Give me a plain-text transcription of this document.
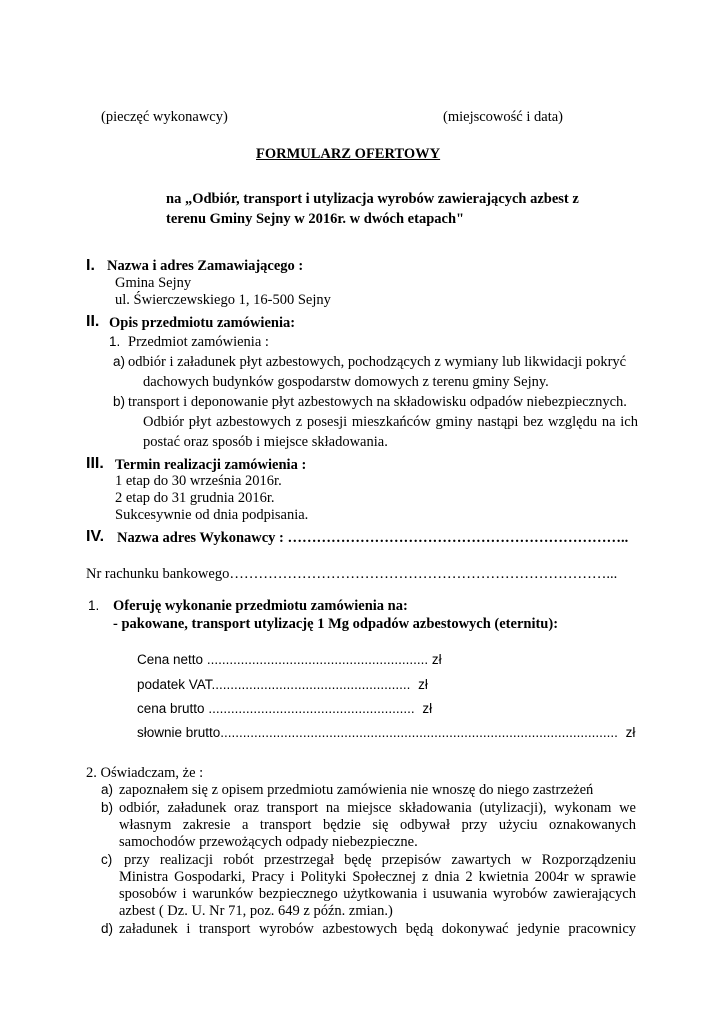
(pieczęć wykonawcy)	(miejscowość i data)
FORMULARZ OFERTOWY
na „Odbiór, transport i utylizacja wyrobów zawierających azbest z
terenu Gminy Sejny w 2016r. w dwóch etapach"
I. Nazwa i adres Zamawiającego :
Gmina Sejny
ul. Świerczewskiego 1, 16-500 Sejny
II. Opis przedmiotu zamówienia:
1. Przedmiot zamówienia :
a) odbiór i załadunek płyt azbestowych, pochodzących z wymiany lub likwidacji pokryć
dachowych budynków gospodarstw domowych z terenu gminy Sejny.
b) transport i deponowanie płyt azbestowych na składowisku odpadów niebezpiecznych.
Odbiór płyt azbestowych z posesji mieszkańców gminy nastąpi bez względu na ich
postać oraz sposób i miejsce składowania.
III. Termin realizacji zamówienia :
1 etap do 30 września 2016r.
2 etap do 31 grudnia 2016r.
Sukcesywnie od dnia podpisania.
IV. Nazwa adres Wykonawcy : ……………………………………………………………..
Nr rachunku bankowego……………………………………………………………………...
1. Oferuję wykonanie przedmiotu zamówienia na:
- pakowane, transport utylizację 1 Mg odpadów azbestowych (eternitu):
Cena netto ........................................................... zł
podatek VAT..................................................... zł
cena brutto ....................................................... zł
słownie brutto.......................................................................................................... zł
2. Oświadczam, że :
a) zapoznałem się z opisem przedmiotu zamówienia nie wnoszę do niego zastrzeżeń
b) odbiór, załadunek oraz transport na miejsce składowania (utylizacji), wykonam we
własnym zakresie a transport będzie się odbywał przy użyciu oznakowanych
samochodów przewożących odpady niebezpieczne.
c) przy realizacji robót przestrzegał będę przepisów zawartych w Rozporządzeniu
Ministra Gospodarki, Pracy i Polityki Społecznej z dnia 2 kwietnia 2004r w sprawie
sposobów i warunków bezpiecznego użytkowania i usuwania wyrobów zawierających
azbest ( Dz. U. Nr 71, poz. 649 z późn. zmian.)
d) załadunek i transport wyrobów azbestowych będą dokonywać jedynie pracownicy
